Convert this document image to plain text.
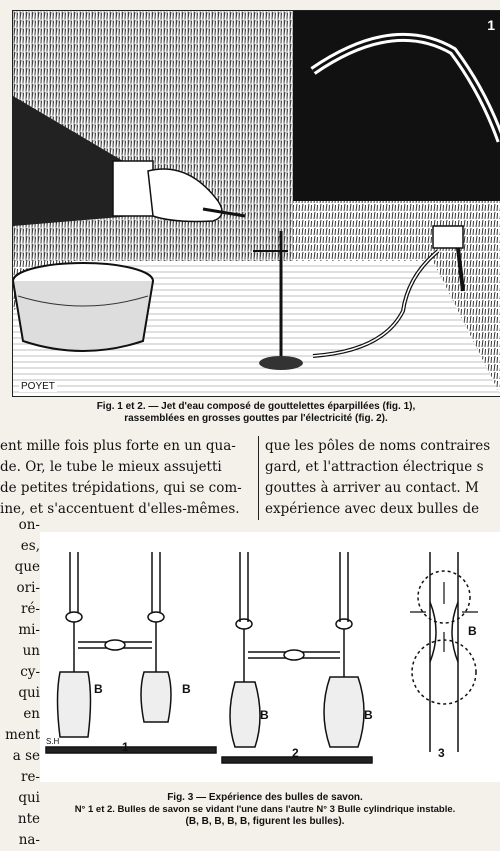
1
POYET
Fig. 1 et 2. — Jet d'eau composé de gouttelettes éparpillées (fig. 1),
rassemblées en grosses gouttes par l'électricité (fig. 2).
ent mille fois plus forte en un qua-
de. Or, le tube le mieux assujetti
de petites trépidations, qui se com-
ine, et s'accentuent d'elles-mêmes.
que les pôles de noms contraires
gard, et l'attraction électrique s
gouttes à arriver au contact. M
expérience avec deux bulles de
on-
es,
que
ori-
ré-
mi-
un
cy-
qui
en
ment
a se
re-
qui
nte
na-
B	B
B	B
B
1	2	3
S.H
Fig. 3 — Expérience des bulles de savon.
N° 1 et 2. Bulles de savon se vidant l'une dans l'autre N° 3 Bulle cylindrique instable.
(B, B, B, B, B, figurent les bulles).
